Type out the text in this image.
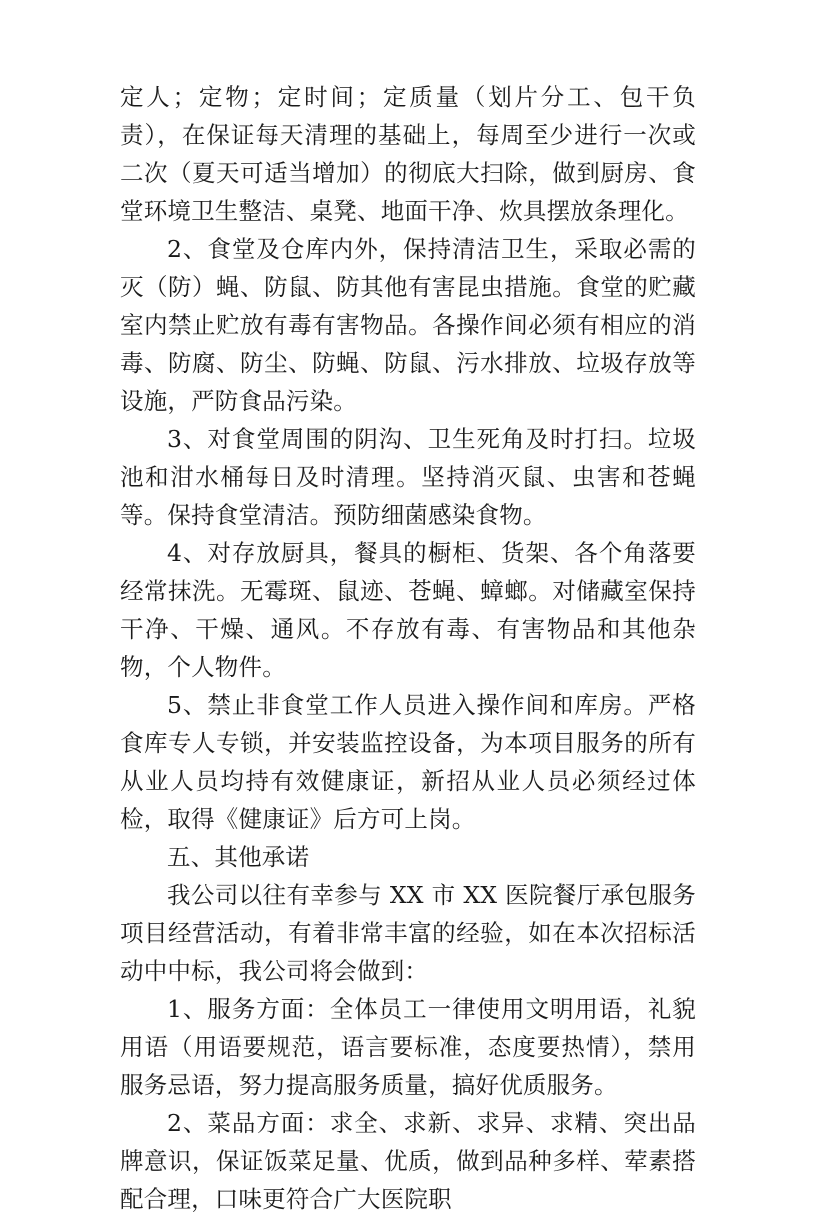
定人；定物；定时间；定质量（划片分工、包干负责），在保证每天清理的基础上，每周至少进行一次或二次（夏天可适当增加）的彻底大扫除，做到厨房、食堂环境卫生整洁、桌凳、地面干净、炊具摆放条理化。

2、食堂及仓库内外，保持清洁卫生，采取必需的灭（防）蝇、防鼠、防其他有害昆虫措施。食堂的贮藏室内禁止贮放有毒有害物品。各操作间必须有相应的消毒、防腐、防尘、防蝇、防鼠、污水排放、垃圾存放等设施，严防食品污染。

3、对食堂周围的阴沟、卫生死角及时打扫。垃圾池和泔水桶每日及时清理。坚持消灭鼠、虫害和苍蝇等。保持食堂清洁。预防细菌感染食物。

4、对存放厨具，餐具的橱柜、货架、各个角落要经常抹洗。无霉斑、鼠迹、苍蝇、蟑螂。对储藏室保持干净、干燥、通风。不存放有毒、有害物品和其他杂物，个人物件。

5、禁止非食堂工作人员进入操作间和库房。严格食库专人专锁，并安装监控设备，为本项目服务的所有从业人员均持有效健康证，新招从业人员必须经过体检，取得《健康证》后方可上岗。

五、其他承诺

我公司以往有幸参与 XX 市 XX 医院餐厅承包服务项目经营活动，有着非常丰富的经验，如在本次招标活动中中标，我公司将会做到：

1、服务方面：全体员工一律使用文明用语，礼貌用语（用语要规范，语言要标准，态度要热情），禁用服务忌语，努力提高服务质量，搞好优质服务。

2、菜品方面：求全、求新、求异、求精、突出品牌意识，保证饭菜足量、优质，做到品种多样、荤素搭配合理，口味更符合广大医院职
